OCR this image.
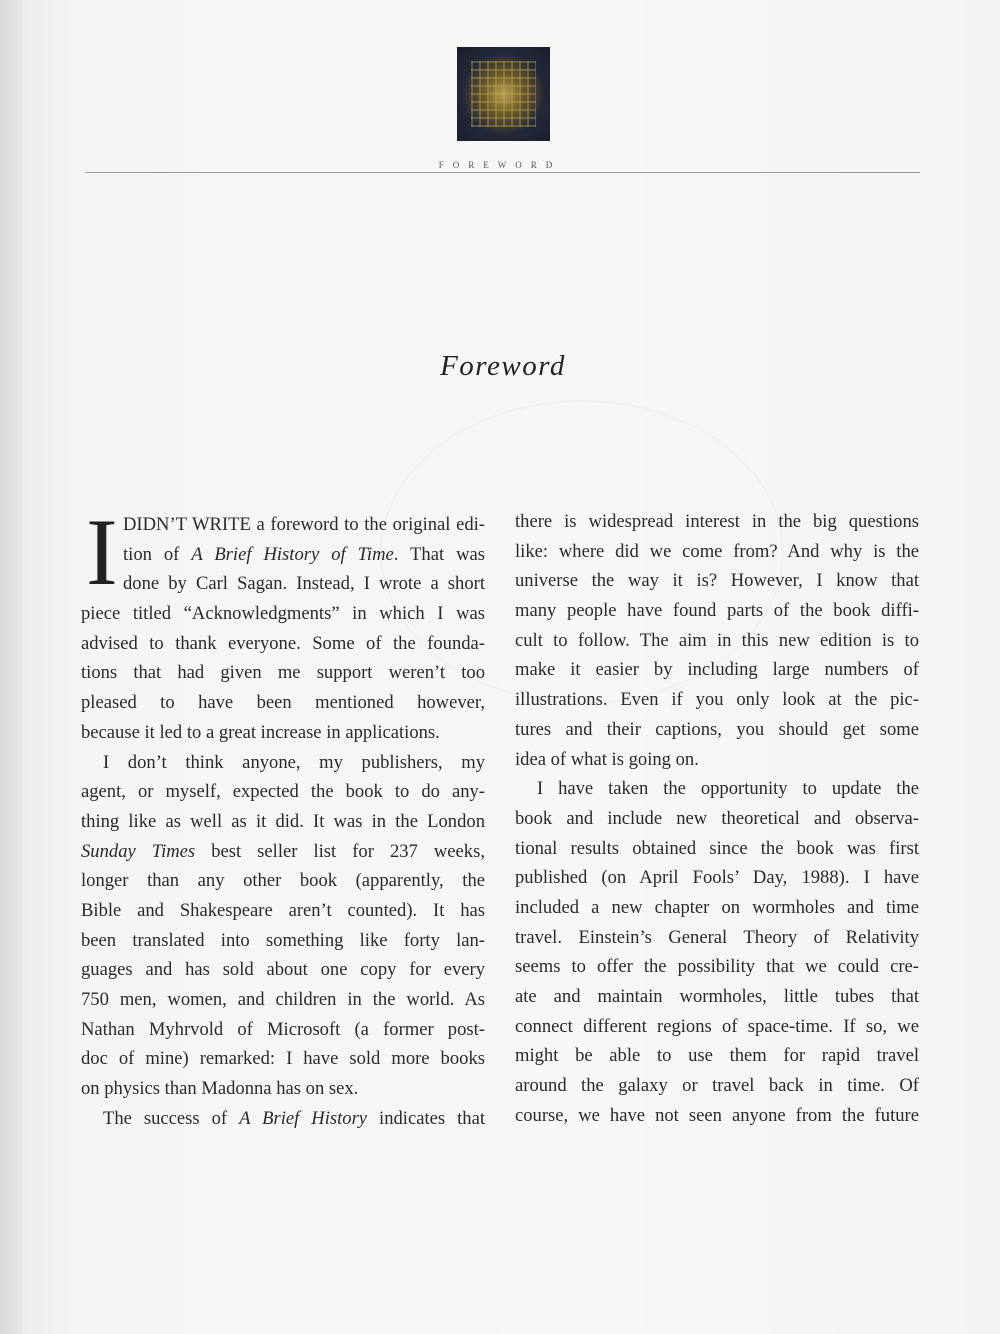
FOREWORD
Foreword
I DIDN’T WRITE a foreword to the original edi-
tion of A Brief History of Time. That was
done by Carl Sagan. Instead, I wrote a short
piece titled “Acknowledgments” in which I was
advised to thank everyone. Some of the founda-
tions that had given me support weren’t too
pleased to have been mentioned however,
because it led to a great increase in applications.
I don’t think anyone, my publishers, my
agent, or myself, expected the book to do any-
thing like as well as it did. It was in the London
Sunday Times best seller list for 237 weeks,
longer than any other book (apparently, the
Bible and Shakespeare aren’t counted). It has
been translated into something like forty lan-
guages and has sold about one copy for every
750 men, women, and children in the world. As
Nathan Myhrvold of Microsoft (a former post-
doc of mine) remarked: I have sold more books
on physics than Madonna has on sex.
The success of A Brief History indicates that
there is widespread interest in the big questions
like: where did we come from? And why is the
universe the way it is? However, I know that
many people have found parts of the book diffi-
cult to follow. The aim in this new edition is to
make it easier by including large numbers of
illustrations. Even if you only look at the pic-
tures and their captions, you should get some
idea of what is going on.
I have taken the opportunity to update the
book and include new theoretical and observa-
tional results obtained since the book was first
published (on April Fools’ Day, 1988). I have
included a new chapter on wormholes and time
travel. Einstein’s General Theory of Relativity
seems to offer the possibility that we could cre-
ate and maintain wormholes, little tubes that
connect different regions of space-time. If so, we
might be able to use them for rapid travel
around the galaxy or travel back in time. Of
course, we have not seen anyone from the future
